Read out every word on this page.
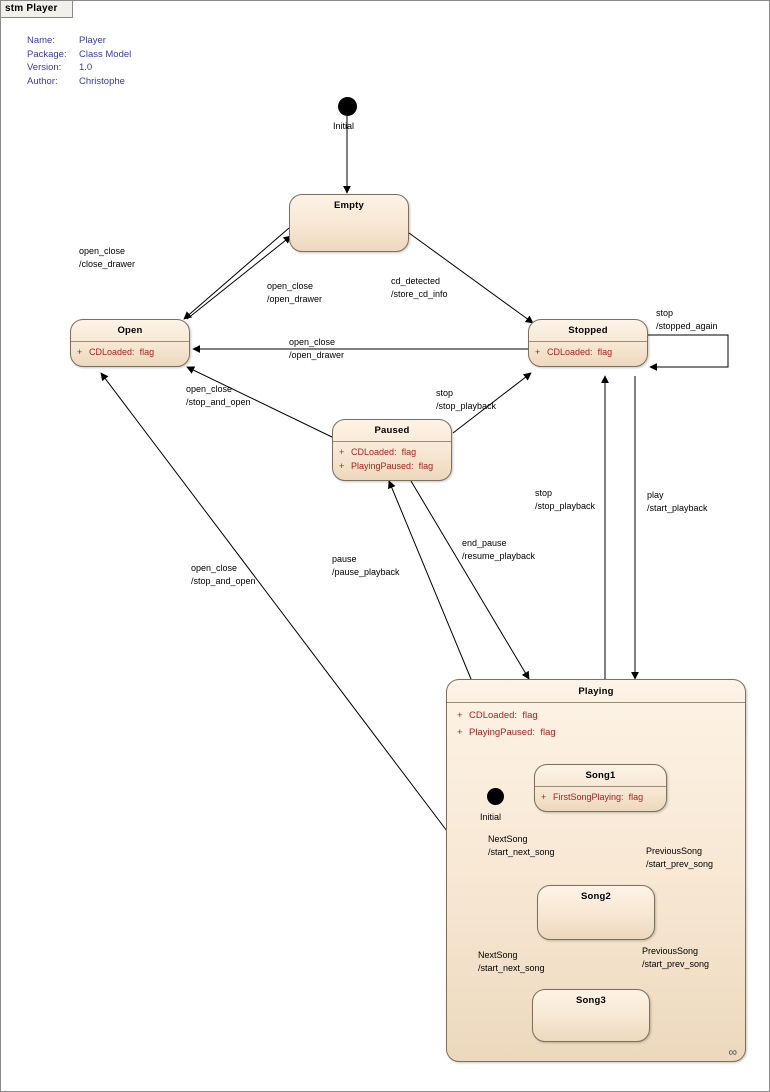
stm Player
Name:	Player
Package:	Class Model
Version:	1.0
Author:	Christophe
Initial
Empty
Open
+ CDLoaded: flag
Stopped
+ CDLoaded: flag
Paused
+ CDLoaded: flag
+ PlayingPaused: flag
Playing
+ CDLoaded: flag
+ PlayingPaused: flag
∞
Initial
Song1
+ FirstSongPlaying: flag
Song2
Song3
open_close
/close_drawer
open_close
/open_drawer
cd_detected
/store_cd_info
stop
/stopped_again
open_close
/open_drawer
open_close
/stop_and_open
stop
/stop_playback
stop
/stop_playback
play
/start_playback
end_pause
/resume_playback
pause
/pause_playback
open_close
/stop_and_open
NextSong
/start_next_song	PreviousSong
/start_prev_song
NextSong
/start_next_song
PreviousSong
/start_prev_song
